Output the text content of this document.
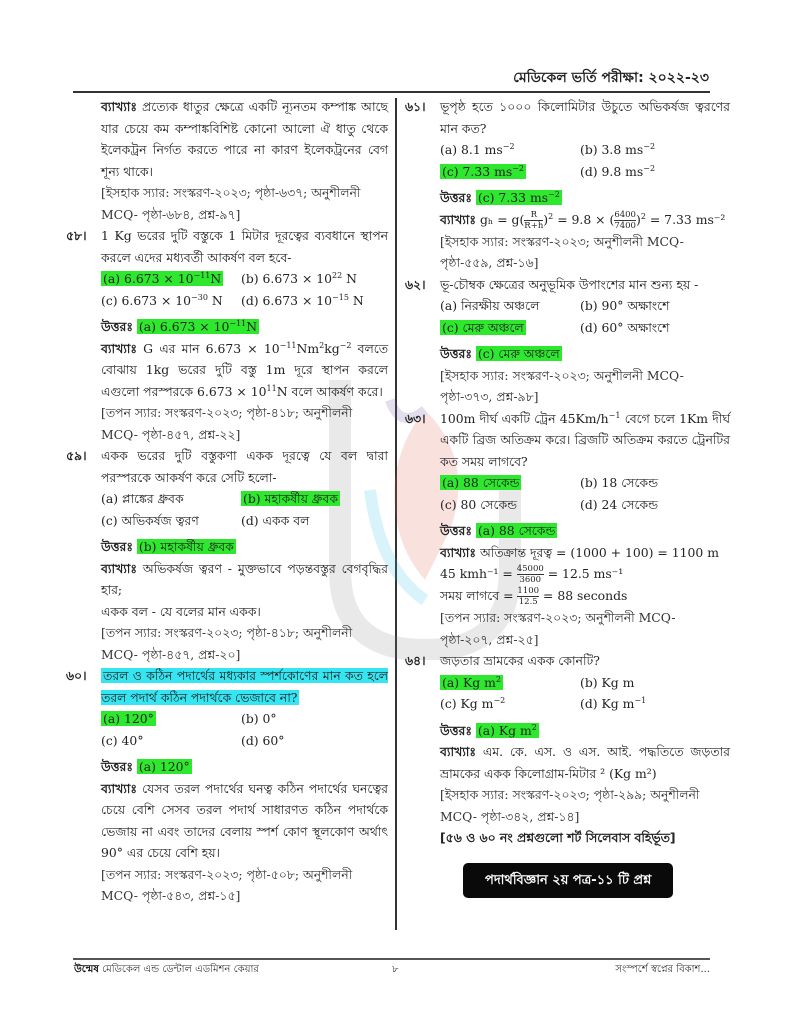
মেডিকেল ভর্তি পরীক্ষা: ২০২২-২৩
ব্যাখ্যাঃ প্রত্যেক ধাতুর ক্ষেত্রে একটি ন্যূনতম কম্পাঙ্ক আছে যার চেয়ে কম কম্পাঙ্কবিশিষ্ট কোনো আলো ঐ ধাতু থেকে ইলেকট্রন নির্গত করতে পারে না কারণ ইলেকট্রনের বেগ শূন্য থাকে।
[ইসহাক স্যার: সংস্করণ-২০২৩; পৃষ্ঠা-৬৩৭; অনুশীলনী MCQ- পৃষ্ঠা-৬৮৪, প্রশ্ন-৯৭]
৫৮। 1 Kg ভরের দুটি বস্তুকে 1 মিটার দূরত্বের ব্যবধানে স্থাপন করলে এদের মধ্যবর্তী আকর্ষণ বল হবে-
(a) $6.673 \times 10^{-11}N$	(b) $6.673 \times 10^{22}$ N
(c) $6.673 \times 10^{-30}$ N	(d) $6.673 \times 10^{-15}$ N
উত্তরঃ (a) $6.673 \times 10^{-11}N$
ব্যাখ্যাঃ G এর মান $6.673 \times 10^{-11}Nm^2kg^{-2}$ বলতে বোঝায় 1kg ভরের দুটি বস্তু 1m দূরে স্থাপন করলে এগুলো পরস্পরকে $6.673 \times 10^{11}N$ বলে আকর্ষণ করে।
[তপন স্যার: সংস্করণ-২০২৩; পৃষ্ঠা-৪১৮; অনুশীলনী MCQ- পৃষ্ঠা-৪৫৭, প্রশ্ন-২২]
৫৯। একক ভরের দুটি বস্তুকণা একক দূরত্বে যে বল দ্বারা পরস্পরকে আকর্ষণ করে সেটি হলো-
(a) প্লাঙ্কের ধ্রুবক	(b) মহাকর্ষীয় ধ্রুবক
(c) অভিকর্ষজ ত্বরণ	(d) একক বল
উত্তরঃ (b) মহাকর্ষীয় ধ্রুবক
ব্যাখ্যাঃ অভিকর্ষজ ত্বরণ - মুক্তভাবে পড়ন্তবস্তুর বেগবৃদ্ধির হার;
একক বল - যে বলের মান একক।
[তপন স্যার: সংস্করণ-২০২৩; পৃষ্ঠা-৪১৮; অনুশীলনী MCQ- পৃষ্ঠা-৪৫৭, প্রশ্ন-২০]
৬০। তরল ও কঠিন পদার্থের মধ্যকার স্পর্শকোণের মান কত হলে তরল পদার্থ কঠিন পদার্থকে ভেজাবে না?
(a) 120°	(b) 0°
(c) 40°	(d) 60°
উত্তরঃ (a) 120°
ব্যাখ্যাঃ যেসব তরল পদার্থের ঘনত্ব কঠিন পদার্থের ঘনত্বের চেয়ে বেশি সেসব তরল পদার্থ সাধারণত কঠিন পদার্থকে ভেজায় না এবং তাদের বেলায় স্পর্শ কোণ স্থূলকোণ অর্থাৎ 90° এর চেয়ে বেশি হয়।
[তপন স্যার: সংস্করণ-২০২৩; পৃষ্ঠা-৫০৮; অনুশীলনী MCQ- পৃষ্ঠা-৫৪৩, প্রশ্ন-১৫]
৬১। ভূপৃষ্ঠ হতে ১০০০ কিলোমিটার উচুতে অভিকর্ষজ ত্বরণের মান কত?
(a) 8.1 $ms^{-2}$	(b) 3.8 $ms^{-2}$
(c) 7.33 $ms^{-2}$	(d) 9.8 $ms^{-2}$
উত্তরঃ (c) 7.33 $ms^{-2}$
ব্যাখ্যাঃ $g_h = g( \frac{R}{R+h} )^2 = 9.8$ × ( $\frac{6400}{7400} )^2 = 7.33$ ms⁻²
[ইসহাক স্যার: সংস্করণ-২০২৩; অনুশীলনী MCQ- পৃষ্ঠা-৫৫৯, প্রশ্ন-১৬]
৬২। ভূ-চৌম্বক ক্ষেত্রের অনুভূমিক উপাংশের মান শুন্য হয় -
(a) নিরক্ষীয় অঞ্চলে	(b) 90° অক্ষাংশে
(c) মেরু অঞ্চলে	(d) 60° অক্ষাংশে
উত্তরঃ (c) মেরু অঞ্চলে
[ইসহাক স্যার: সংস্করণ-২০২৩; অনুশীলনী MCQ- পৃষ্ঠা-৩৭৩, প্রশ্ন-৯৮]
৬৩। 100m দীর্ঘ একটি ট্রেন $45Km/h^{-1}$ বেগে চলে 1Km দীর্ঘ একটি ব্রিজ অতিক্রম করে। ব্রিজটি অতিক্রম করতে ট্রেনটির কত সময় লাগবে?
(a) 88 সেকেন্ড	(b) 18 সেকেন্ড
(c) 80 সেকেন্ড	(d) 24 সেকেন্ড
উত্তরঃ (a) 88 সেকেন্ড
ব্যাখ্যাঃ অতিক্রান্ত দূরত্ব = (1000 + 100) = 1100 m
45 $kmh^{-1} = \frac{45000}{3600} = 12.5$ ms⁻¹
সময় লাগবে = $\frac{1100}{12.5} = 88$ seconds
[তপন স্যার: সংস্করণ-২০২৩; অনুশীলনী MCQ- পৃষ্ঠা-২০৭, প্রশ্ন-২৫]
৬৪। জড়তার ভ্রামকের একক কোনটি?
(a) Kg $m^2$	(b) Kg m
(c) Kg $m^{-2}$	(d) Kg $m^{-1}$
উত্তরঃ (a) Kg $m^2$
ব্যাখ্যাঃ এম. কে. এস. ও এস. আই. পদ্ধতিতে জড়তার ভ্রামকের একক কিলোগ্রাম-মিটার ² (Kg m²)
[ইসহাক স্যার: সংস্করণ-২০২৩; পৃষ্ঠা-২৯৯; অনুশীলনী MCQ- পৃষ্ঠা-৩৪২, প্রশ্ন-১৪]
[৫৬ ও ৬০ নং প্রশ্নগুলো শর্ট সিলেবাস বহির্ভূত]
পদার্থবিজ্ঞান ২য় পত্র-১১ টি প্রশ্ন
উন্মেষ মেডিকেল এন্ড ডেন্টাল এডমিশন কেয়ার	৮	সংস্পর্শে স্বপ্নের বিকাশ...
